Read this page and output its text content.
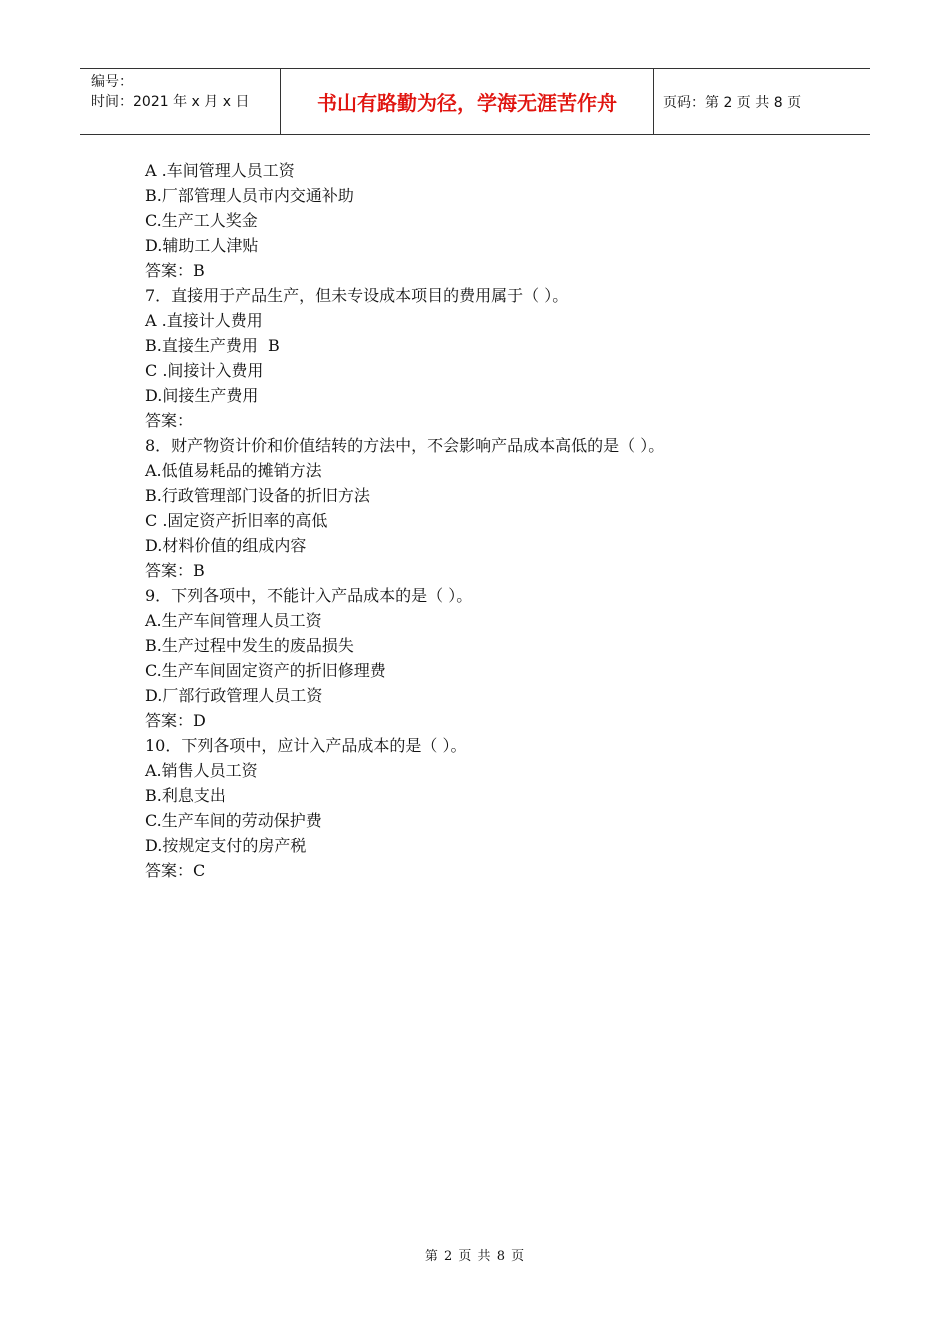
编号：
时间：2021 年 x 月 x 日	书山有路勤为径，学海无涯苦作舟	页码：第 2 页 共 8 页
A .车间管理人员工资
B.厂部管理人员市内交通补助
C.生产工人奖金
D.辅助工人津贴
答案：B
7．直接用于产品生产，但未专设成本项目的费用属于（ ）。
A .直接计人费用
B.直接生产费用  B
C .间接计入费用
D.间接生产费用
答案：
8．财产物资计价和价值结转的方法中，不会影响产品成本高低的是（ ）。
A.低值易耗品的摊销方法
B.行政管理部门设备的折旧方法
C .固定资产折旧率的高低
D.材料价值的组成内容
答案：B
9．下列各项中，不能计入产品成本的是（ ）。
A.生产车间管理人员工资
B.生产过程中发生的废品损失
C.生产车间固定资产的折旧修理费
D.厂部行政管理人员工资
答案：D
10．下列各项中，应计入产品成本的是（ ）。
A.销售人员工资
B.利息支出
C.生产车间的劳动保护费
D.按规定支付的房产税
答案：C
第 2 页 共 8 页
